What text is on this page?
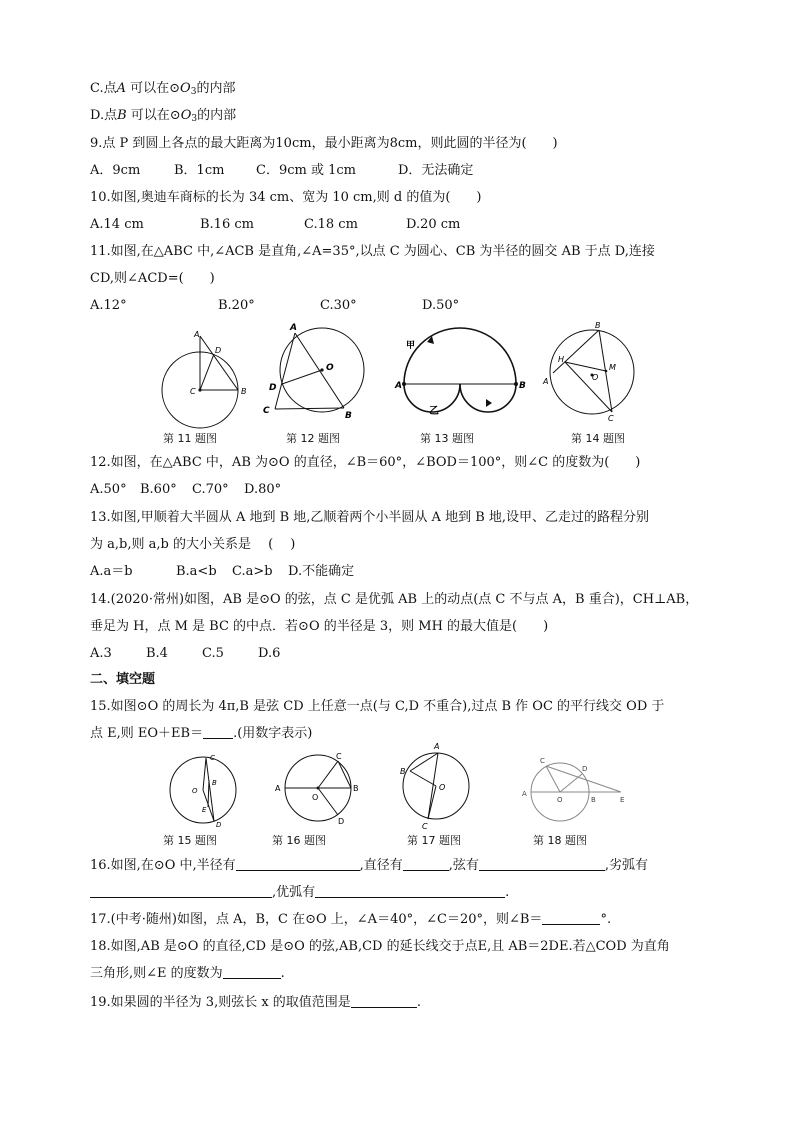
C.点A 可以在$⊙O_3$的内部
D.点B 可以在$⊙O_3$的内部
9.点 P 到圆上各点的最大距离为10cm，最小距离为8cm，则此圆的半径为(　　)
A．9cm	B．1cm C．9cm 或 1cm	D．无法确定
10.如图,奥迪车商标的长为 34 cm、宽为 10 cm,则 d 的值为(　　)
A.14 cm	B.16 cm	C.18 cm	D.20 cm
11.如图,在△ABC 中,∠ACB 是直角,∠A=35°,以点 C 为圆心、CB 为半径的圆交 AB 于点 D,连接
CD,则∠ACD=(　　)
A.12°	B.20°	C.30°	D.50°
A
D
C	B
A
O
D
C	B
甲
A	B
乙
B
H
O
M
A
C
第 11 题图	第 12 题图	第 13 题图	第 14 题图
12.如图，在△ABC 中，AB 为⊙O 的直径，∠B＝60°，∠BOD＝100°，则∠C 的度数为(　　)
A.50° B.60° C.70° D.80°
13.如图,甲顺着大半圆从 A 地到 B 地,乙顺着两个小半圆从 A 地到 B 地,设甲、乙走过的路程分别
为 a,b,则 a,b 的大小关系是　 (　 )
A.a＝b	B.a<b C.a>b D.不能确定
14.(2020·常州)如图，AB 是⊙O 的弦，点 C 是优弧 AB 上的动点(点 C 不与点 A，B 重合)，CH⊥AB，
垂足为 H，点 M 是 BC 的中点．若⊙O 的半径是 3，则 MH 的最大值是(　　)
A.3	B.4	C.5	D.6
二、填空题
15.如图⊙O 的周长为 4π,B 是弦 CD 上任意一点(与 C,D 不重合),过点 B 作 OC 的平行线交 OD 于
点 E,则 EO＋EB＝ .(用数字表示)
C
O
B
E
D
C
A
O
B
D
A
B
O
C
C
D
A
O	B	E
第 15 题图	第 16 题图	第 17 题图	第 18 题图
16.如图,在⊙O 中,半径有	,直径有	,弦有	,劣弧有
,优弧有	.
17.(中考·随州)如图，点 A，B，C 在⊙O 上，∠A＝40°，∠C＝20°，则∠B＝	°.
18.如图,AB 是⊙O 的直径,CD 是⊙O 的弦,AB,CD 的延长线交于点E,且 AB＝2DE.若△COD 为直角
三角形,则∠E 的度数为	.
19.如果圆的半径为 3,则弦长 x 的取值范围是	.
